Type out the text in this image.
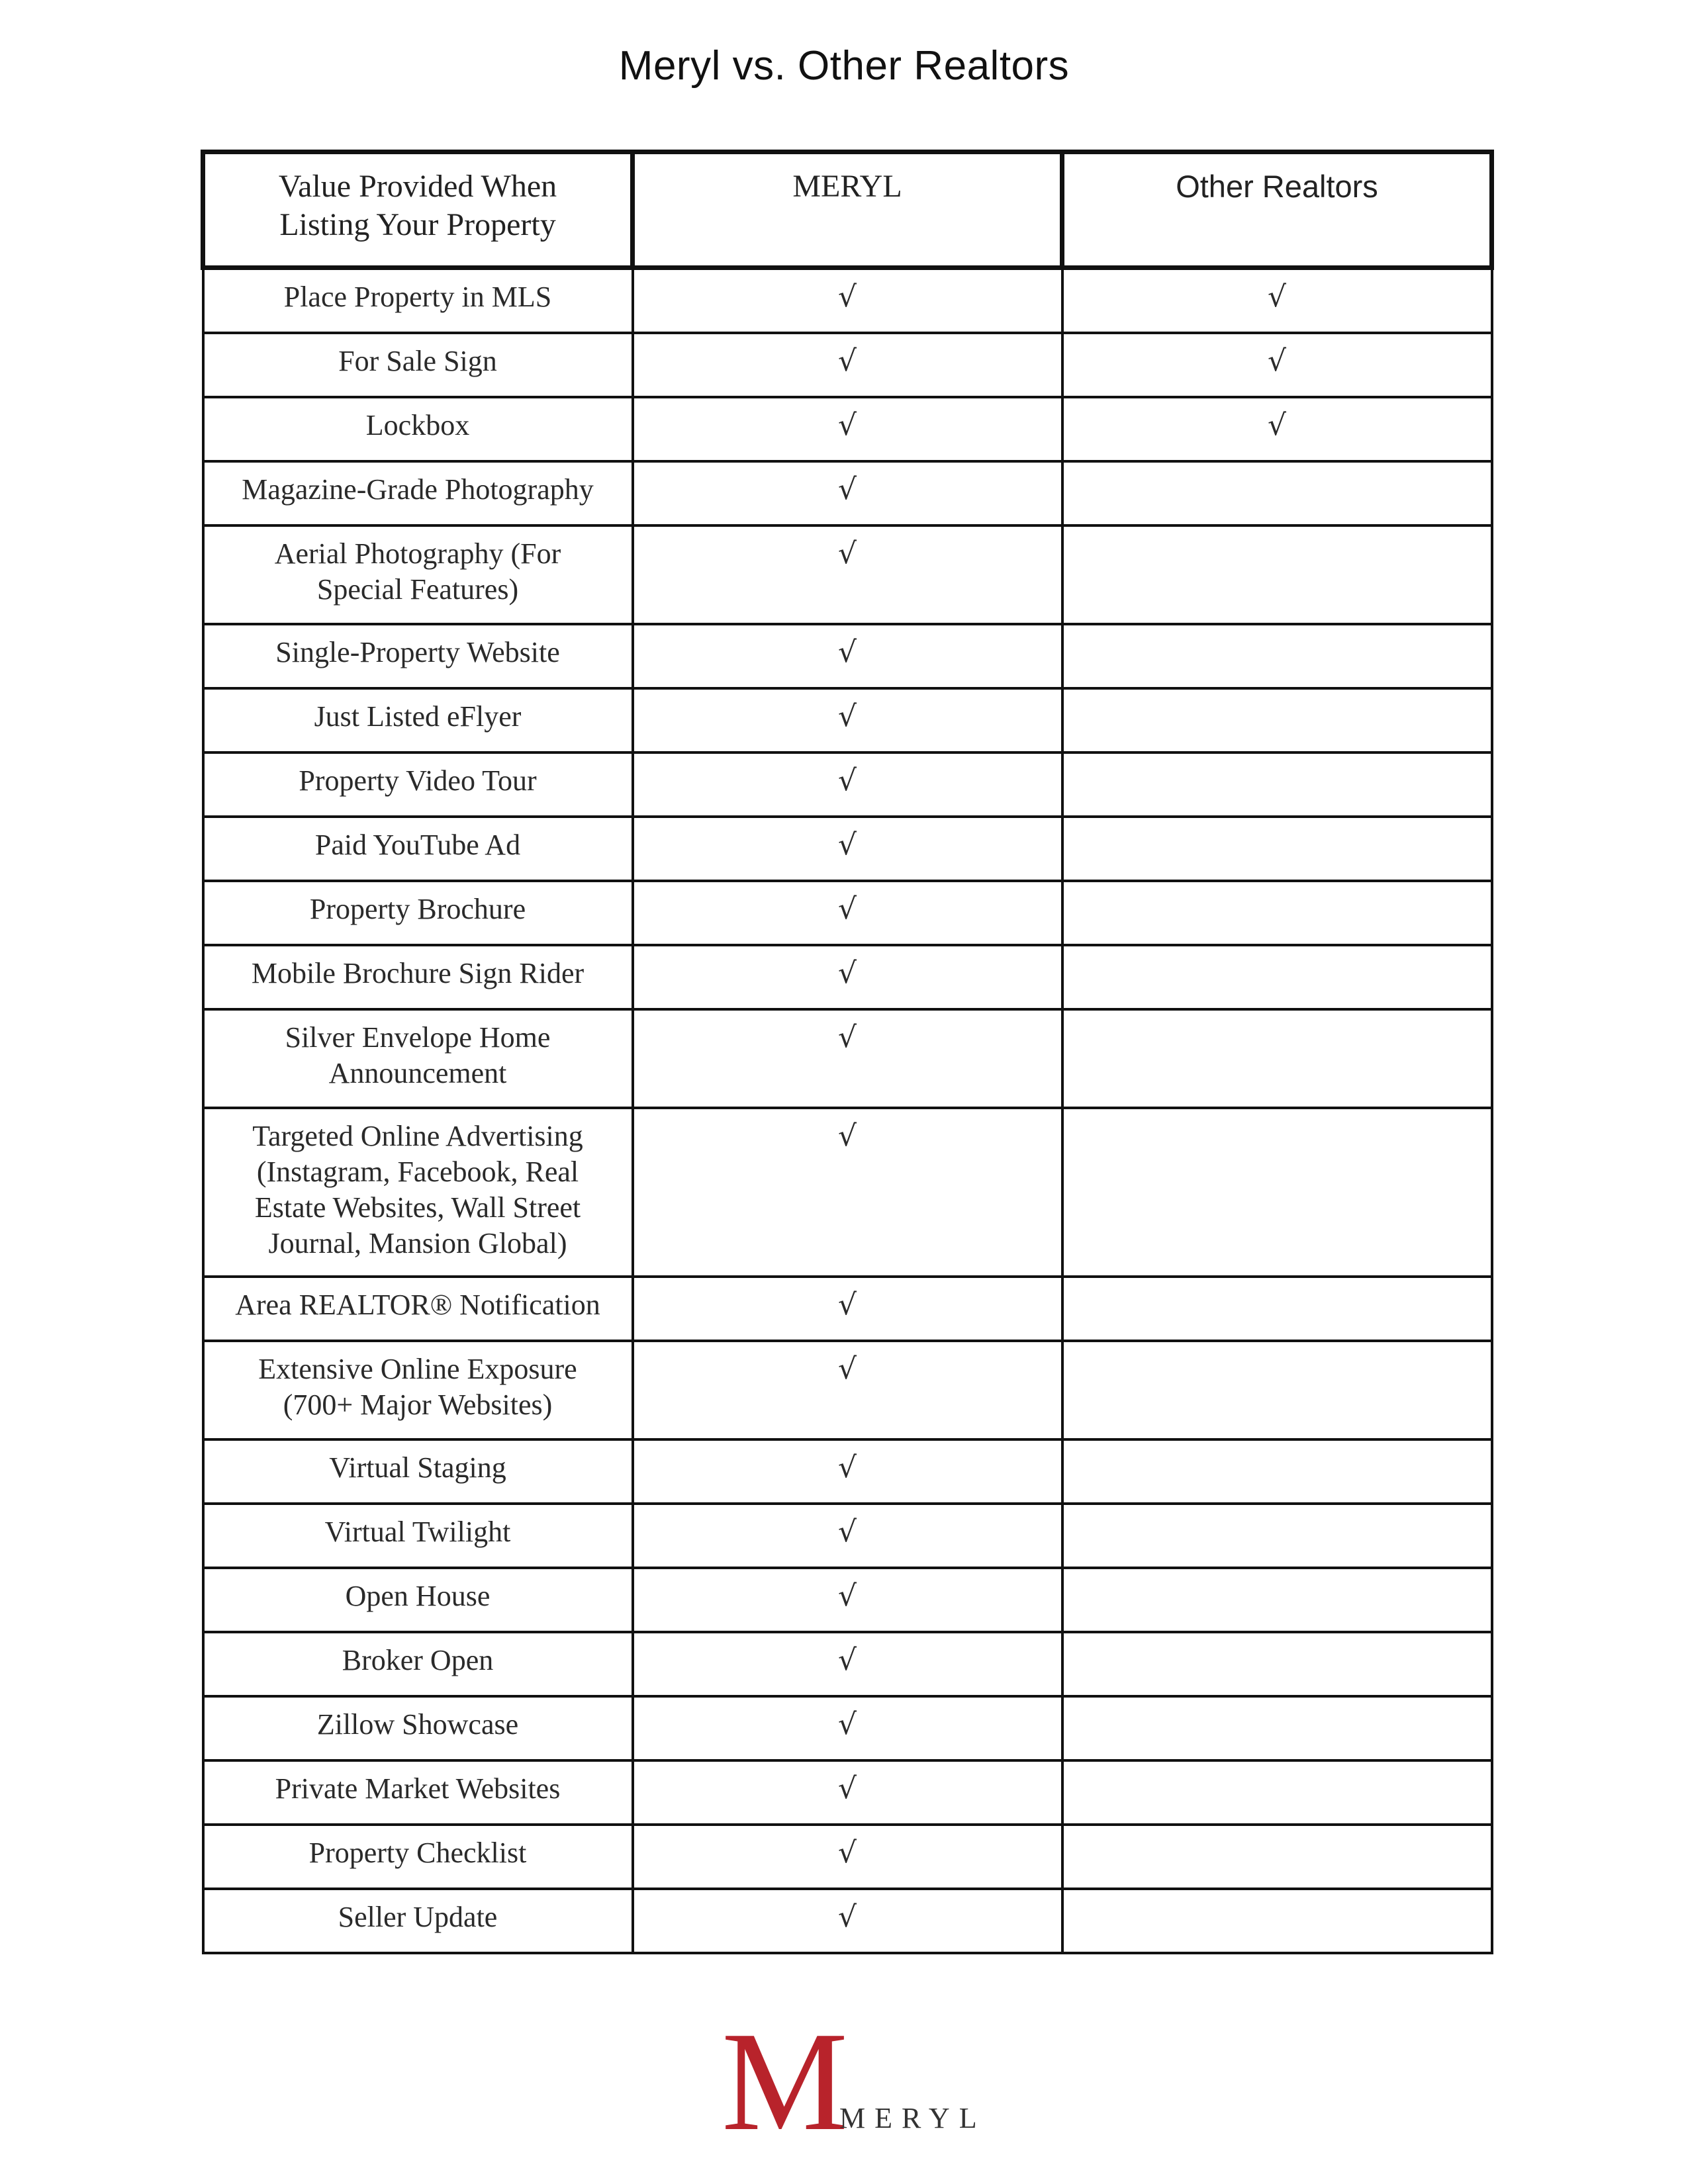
Meryl vs. Other Realtors
Value Provided When Listing Your Property	MERYL	Other Realtors
Place Property in MLS	√	√
For Sale Sign	√	√
Lockbox	√	√
Magazine-Grade Photography	√	
Aerial Photography (For Special Features)	√	
Single-Property Website	√	
Just Listed eFlyer	√	
Property Video Tour	√	
Paid YouTube Ad	√	
Property Brochure	√	
Mobile Brochure Sign Rider	√	
Silver Envelope Home Announcement	√	
Targeted Online Advertising (Instagram, Facebook, Real Estate Websites, Wall Street Journal, Mansion Global)	√	
Area REALTOR® Notification	√	
Extensive Online Exposure (700+ Major Websites)	√	
Virtual Staging	√	
Virtual Twilight	√	
Open House	√	
Broker Open	√	
Zillow Showcase	√	
Private Market Websites	√	
Property Checklist	√	
Seller Update	√	
M
MERYL
